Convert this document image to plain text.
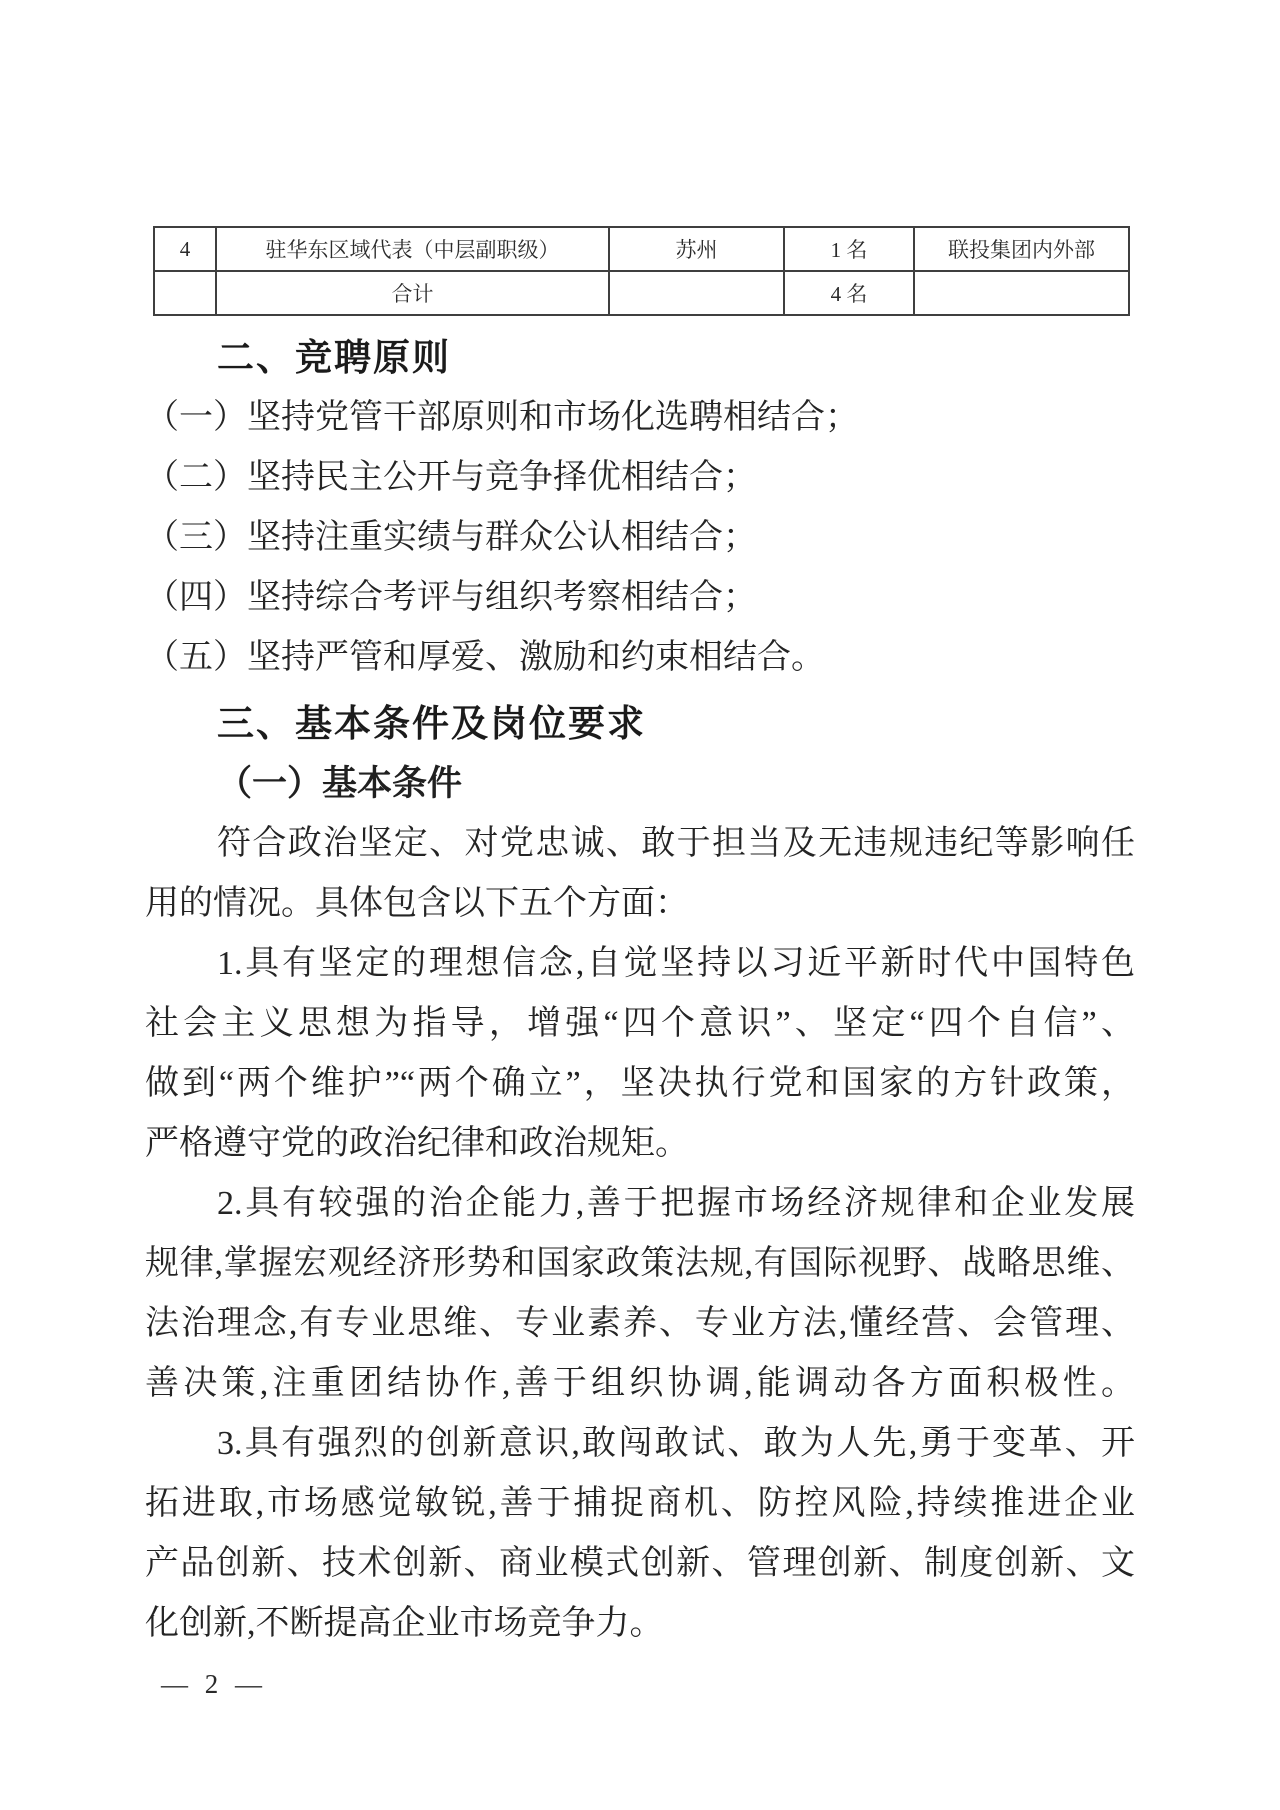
4	驻华东区域代表（中层副职级）	苏州	1 名	联投集团内外部
	合计		4 名	
二、竞聘原则
（一）坚持党管干部原则和市场化选聘相结合；
（二）坚持民主公开与竞争择优相结合；
（三）坚持注重实绩与群众公认相结合；
（四）坚持综合考评与组织考察相结合；
（五）坚持严管和厚爱、激励和约束相结合。
三、基本条件及岗位要求
（一）基本条件
符合政治坚定、对党忠诚、敢于担当及无违规违纪等影响任
用的情况。具体包含以下五个方面：
1.具有坚定的理想信念,自觉坚持以习近平新时代中国特色
社会主义思想为指导，增强“四个意识”、坚定“四个自信”、
做到“两个维护”“两个确立”，坚决执行党和国家的方针政策，
严格遵守党的政治纪律和政治规矩。
2.具有较强的治企能力,善于把握市场经济规律和企业发展
规律,掌握宏观经济形势和国家政策法规,有国际视野、战略思维、
法治理念,有专业思维、专业素养、专业方法,懂经营、会管理、
善决策,注重团结协作,善于组织协调,能调动各方面积极性。
3.具有强烈的创新意识,敢闯敢试、敢为人先,勇于变革、开
拓进取,市场感觉敏锐,善于捕捉商机、防控风险,持续推进企业
产品创新、技术创新、商业模式创新、管理创新、制度创新、文
化创新,不断提高企业市场竞争力。
— 2 —
